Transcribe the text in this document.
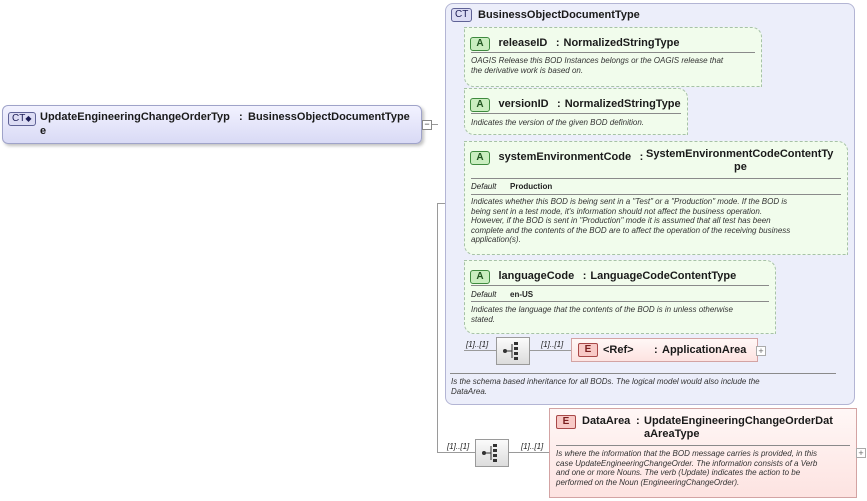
CT◆ UpdateEngineeringChangeOrderTyp : BusinessObjectDocumentType
e
−
CT BusinessObjectDocumentType
A releaseID : NormalizedStringType
OAGIS Release this BOD Instances belongs or the OAGIS release that
the derivative work is based on.
A versionID : NormalizedStringType
Indicates the version of the given BOD definition.
A systemEnvironmentCode : SystemEnvironmentCodeContentTy
pe
Default Production
Indicates whether this BOD is being sent in a "Test" or a "Production" mode. If the BOD is
being sent in a test mode, it's information should not affect the business operation.
However, if the BOD is sent in "Production" mode it is assumed that all test has been
complete and the contents of the BOD are to affect the operation of the receiving business
application(s).
A languageCode : LanguageCodeContentType
Default en-US
Indicates the language that the contents of the BOD is in unless otherwise
stated.
[1]..[1]	[1]..[1]	E	<Ref> : ApplicationArea +
Is the schema based inheritance for all BODs. The logical model would also include the
DataArea.
[1]..[1]	[1]..[1]
E	DataArea : UpdateEngineeringChangeOrderDat
aAreaType
Is where the information that the BOD message carries is provided, in this
case UpdateEngineeringChangeOrder. The information consists of a Verb
and one or more Nouns. The verb (Update) indicates the action to be
performed on the Noun (EngineeringChangeOrder).
+
